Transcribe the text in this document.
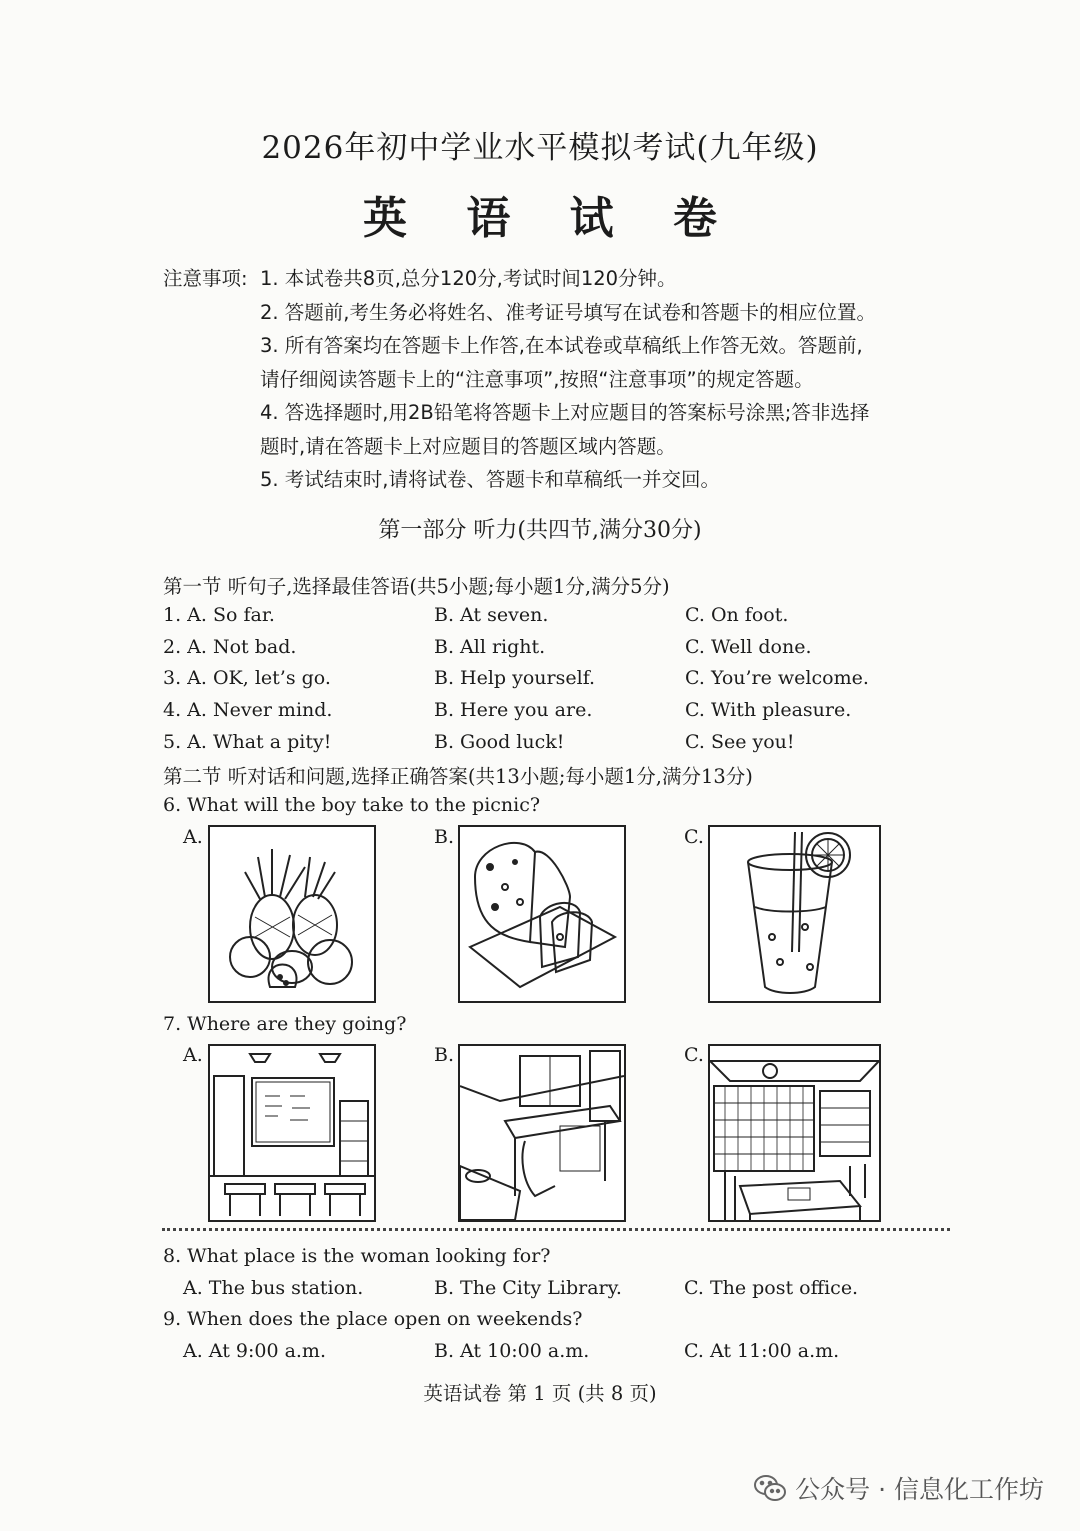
2026年初中学业水平模拟考试(九年级)
英 语 试 卷
注意事项: 1. 本试卷共8页,总分120分,考试时间120分钟。
2. 答题前,考生务必将姓名、准考证号填写在试卷和答题卡的相应位置。
3. 所有答案均在答题卡上作答,在本试卷或草稿纸上作答无效。答题前,
请仔细阅读答题卡上的“注意事项”,按照“注意事项”的规定答题。
4. 答选择题时,用2B铅笔将答题卡上对应题目的答案标号涂黑;答非选择
题时,请在答题卡上对应题目的答题区域内答题。
5. 考试结束时,请将试卷、答题卡和草稿纸一并交回。
第一部分 听力(共四节,满分30分)
第一节 听句子,选择最佳答语(共5小题;每小题1分,满分5分)
1. A. So far.	B. At seven.	C. On foot.
2. A. Not bad.	B. All right.	C. Well done.
3. A. OK, let’s go.	B. Help yourself.	C. You’re welcome.
4. A. Never mind.	B. Here you are.	C. With pleasure.
5. A. What a pity!	B. Good luck!	C. See you!
第二节 听对话和问题,选择正确答案(共13小题;每小题1分,满分13分)
6. What will the boy take to the picnic?
A.	B.	C.
7. Where are they going?
A.	B.	C.
8. What place is the woman looking for?
A. The bus station.	B. The City Library.	C. The post office.
9. When does the place open on weekends?
A. At 9:00 a.m.	B. At 10:00 a.m.	C. At 11:00 a.m.
英语试卷 第 1 页 (共 8 页)
公众号 · 信息化工作坊
